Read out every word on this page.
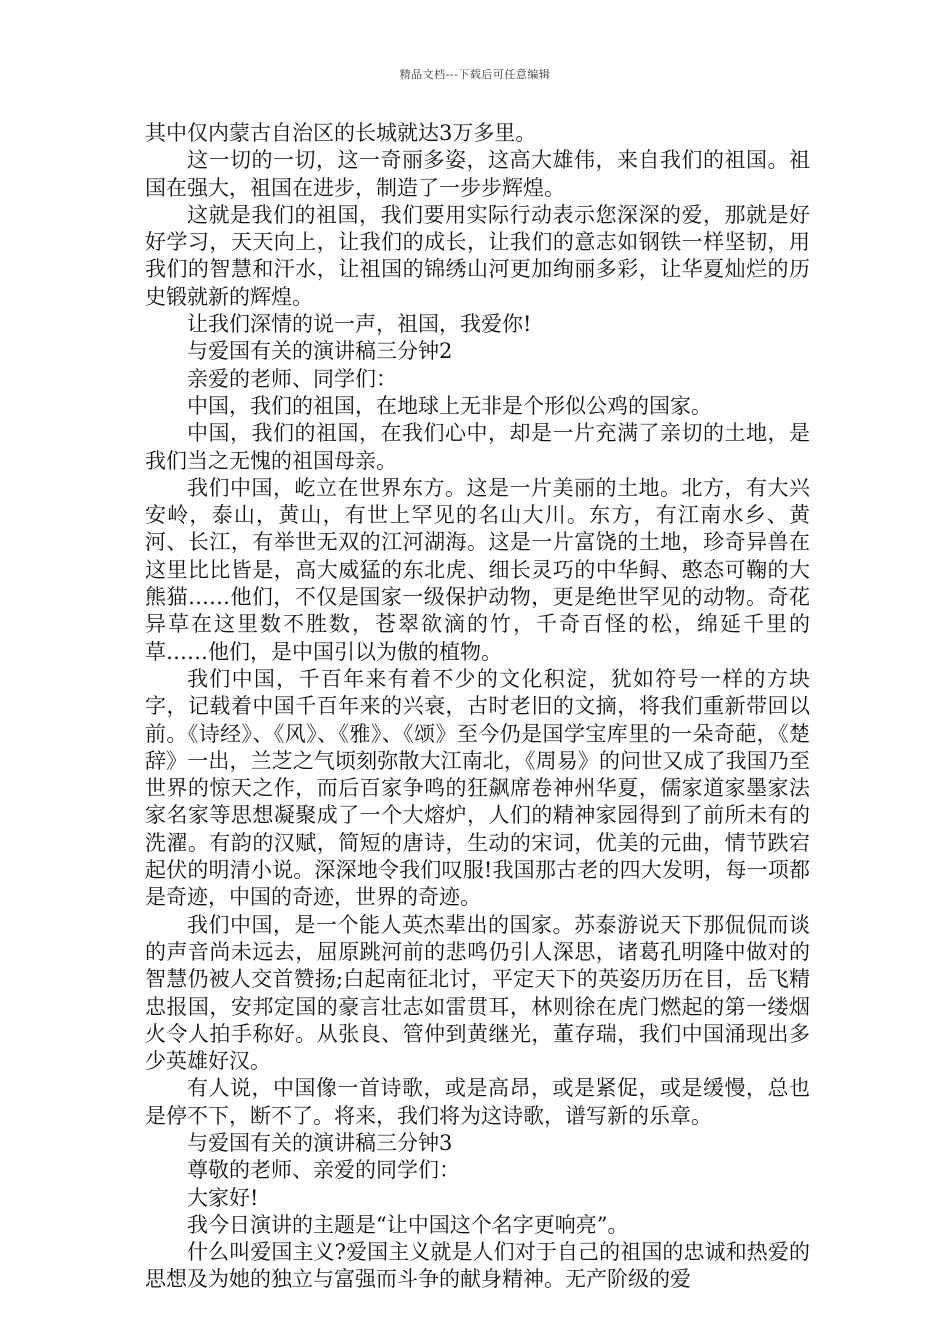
精品文档---下载后可任意编辑

其中仅内蒙古自治区的长城就达3万多里。

这一切的一切，这一奇丽多姿，这高大雄伟，来自我们的祖国。祖国在强大，祖国在进步，制造了一步步辉煌。

这就是我们的祖国，我们要用实际行动表示您深深的爱，那就是好好学习，天天向上，让我们的成长，让我们的意志如钢铁一样坚韧，用我们的智慧和汗水，让祖国的锦绣山河更加绚丽多彩，让华夏灿烂的历史锻就新的辉煌。

让我们深情的说一声，祖国，我爱你!

与爱国有关的演讲稿三分钟2

亲爱的老师、同学们：

中国，我们的祖国，在地球上无非是个形似公鸡的国家。

中国，我们的祖国，在我们心中，却是一片充满了亲切的土地，是我们当之无愧的祖国母亲。

我们中国，屹立在世界东方。这是一片美丽的土地。北方，有大兴安岭，泰山，黄山，有世上罕见的名山大川。东方，有江南水乡、黄河、长江，有举世无双的江河湖海。这是一片富饶的土地，珍奇异兽在这里比比皆是，高大威猛的东北虎、细长灵巧的中华鲟、憨态可鞠的大熊猫……他们，不仅是国家一级保护动物，更是绝世罕见的动物。奇花异草在这里数不胜数，苍翠欲滴的竹，千奇百怪的松，绵延千里的草……他们，是中国引以为傲的植物。

我们中国，千百年来有着不少的文化积淀，犹如符号一样的方块字，记载着中国千百年来的兴衰，古时老旧的文摘，将我们重新带回以前。《诗经》、《风》、《雅》、《颂》至今仍是国学宝库里的一朵奇葩，《楚辞》一出，兰芝之气顷刻弥散大江南北，《周易》的问世又成了我国乃至世界的惊天之作，而后百家争鸣的狂飙席卷神州华夏，儒家道家墨家法家名家等思想凝聚成了一个大熔炉，人们的精神家园得到了前所未有的洗濯。有韵的汉赋，简短的唐诗，生动的宋词，优美的元曲，情节跌宕起伏的明清小说。深深地令我们叹服!我国那古老的四大发明，每一项都是奇迹，中国的奇迹，世界的奇迹。

我们中国，是一个能人英杰辈出的国家。苏泰游说天下那侃侃而谈的声音尚未远去，屈原跳河前的悲鸣仍引人深思，诸葛孔明隆中做对的智慧仍被人交首赞扬;白起南征北讨，平定天下的英姿历历在目，岳飞精忠报国，安邦定国的豪言壮志如雷贯耳，林则徐在虎门燃起的第一缕烟火令人拍手称好。从张良、管仲到黄继光，董存瑞，我们中国涌现出多少英雄好汉。

有人说，中国像一首诗歌，或是高昂，或是紧促，或是缓慢，总也是停不下，断不了。将来，我们将为这诗歌，谱写新的乐章。

与爱国有关的演讲稿三分钟3

尊敬的老师、亲爱的同学们：

大家好!

我今日演讲的主题是“让中国这个名字更响亮”。

什么叫爱国主义?爱国主义就是人们对于自己的祖国的忠诚和热爱的思想及为她的独立与富强而斗争的献身精神。无产阶级的爱
